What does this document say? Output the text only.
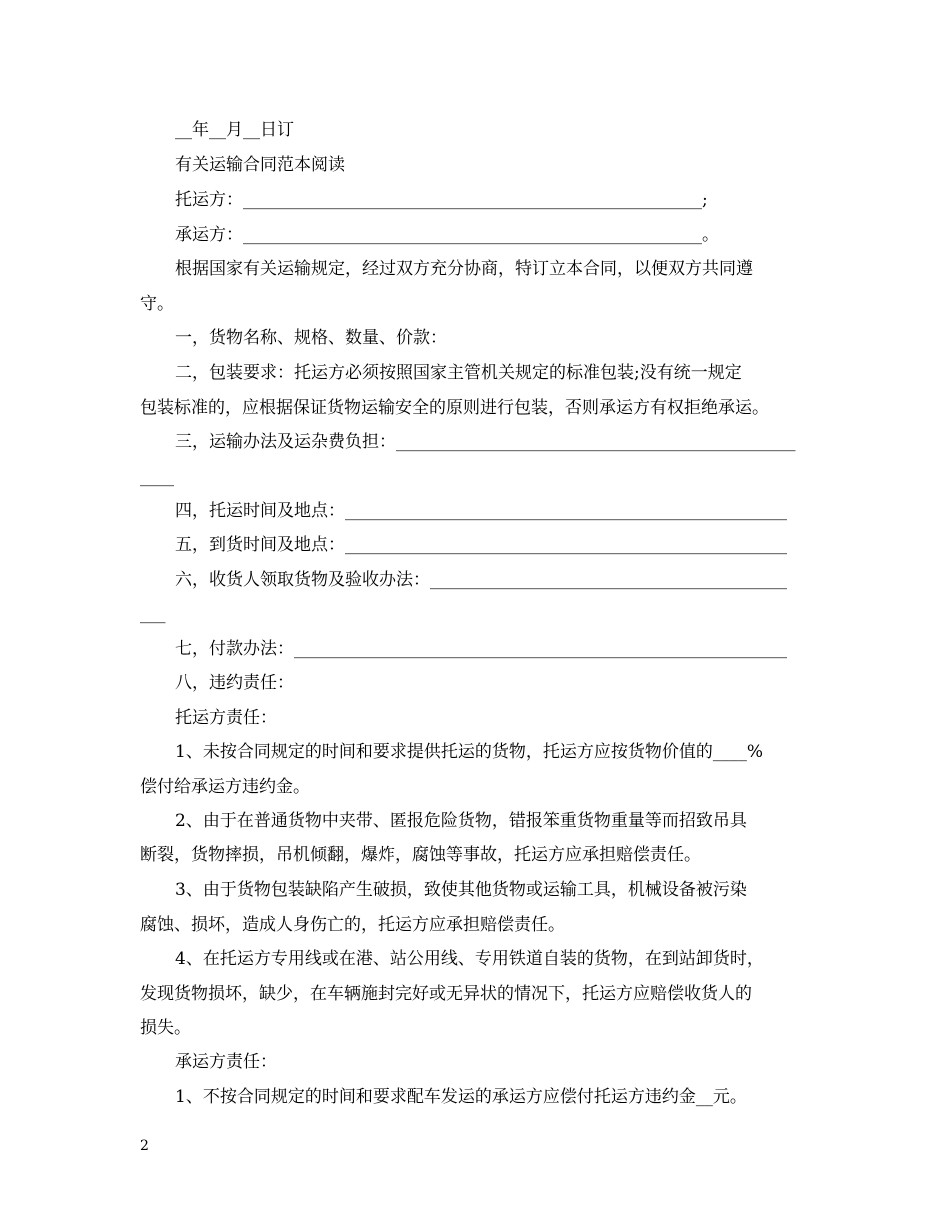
__年__月__日订
有关运输合同范本阅读
托运方：______________________________________________________;
承运方：______________________________________________________。
根据国家有关运输规定，经过双方充分协商，特订立本合同，以便双方共同遵
守。
一，货物名称、规格、数量、价款：
二，包装要求：托运方必须按照国家主管机关规定的标准包装;没有统一规定
包装标准的，应根据保证货物运输安全的原则进行包装，否则承运方有权拒绝承运。
三，运输办法及运杂费负担：_______________________________________________
____
四，托运时间及地点：____________________________________________________
五，到货时间及地点：____________________________________________________
六，收货人领取货物及验收办法：__________________________________________
___
七，付款办法：__________________________________________________________
八，违约责任：
托运方责任：
1、未按合同规定的时间和要求提供托运的货物，托运方应按货物价值的____%
偿付给承运方违约金。
2、由于在普通货物中夹带、匿报危险货物，错报笨重货物重量等而招致吊具
断裂，货物摔损，吊机倾翻，爆炸，腐蚀等事故，托运方应承担赔偿责任。
3、由于货物包装缺陷产生破损，致使其他货物或运输工具，机械设备被污染
腐蚀、损坏，造成人身伤亡的，托运方应承担赔偿责任。
4、在托运方专用线或在港、站公用线、专用铁道自装的货物，在到站卸货时，
发现货物损坏，缺少，在车辆施封完好或无异状的情况下，托运方应赔偿收货人的
损失。
承运方责任：
1、不按合同规定的时间和要求配车发运的承运方应偿付托运方违约金__元。
2
